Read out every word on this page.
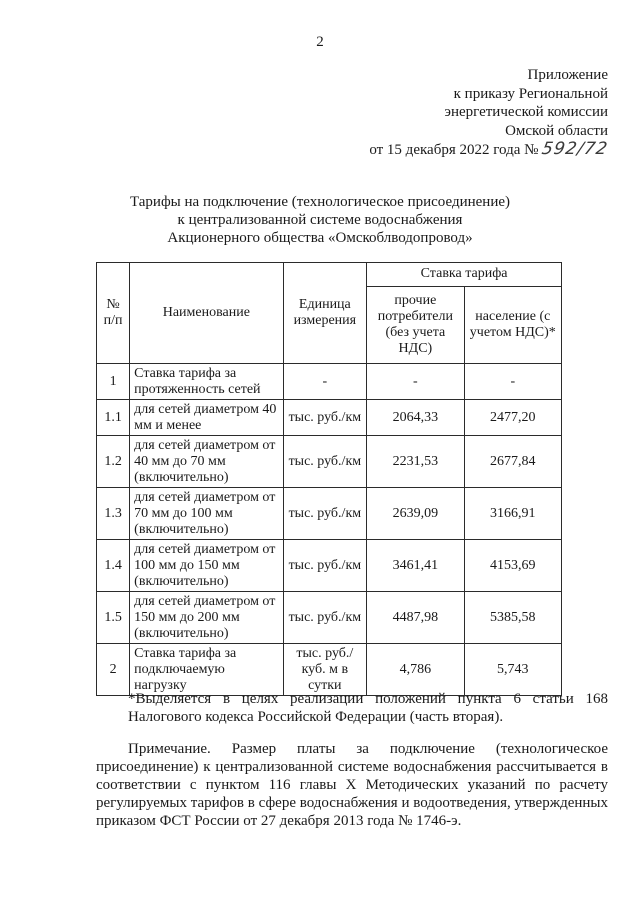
2
Приложение
к приказу Региональной
энергетической комиссии
Омской области
от 15 декабря 2022 года № 592/72
Тарифы на подключение (технологическое присоединение)
к централизованной системе водоснабжения
Акционерного общества «Омскоблводопровод»
№ п/п	Наименование	Единица измерения	Ставка тарифа	
			прочие потребители (без учета НДС)	население (с учетом НДС)*
1	Ставка тарифа за протяженность сетей	-	-	-
1.1	для сетей диаметром 40 мм и менее	тыс. руб./км	2064,33	2477,20
1.2	для сетей диаметром от 40 мм до 70 мм (включительно)	тыс. руб./км	2231,53	2677,84
1.3	для сетей диаметром от 70 мм до 100 мм (включительно)	тыс. руб./км	2639,09	3166,91
1.4	для сетей диаметром от 100 мм до 150 мм (включительно)	тыс. руб./км	3461,41	4153,69
1.5	для сетей диаметром от 150 мм до 200 мм (включительно)	тыс. руб./км	4487,98	5385,58
2	Ставка тарифа за подключаемую нагрузку	тыс. руб./ куб. м в сутки	4,786	5,743
*Выделяется в целях реализации положений пункта 6 статьи 168 Налогового кодекса Российской Федерации (часть вторая).
Примечание. Размер платы за подключение (технологическое присоединение) к централизованной системе водоснабжения рассчитывается в соответствии с пунктом 116 главы X Методических указаний по расчету регулируемых тарифов в сфере водоснабжения и водоотведения, утвержденных приказом ФСТ России от 27 декабря 2013 года № 1746-э.
